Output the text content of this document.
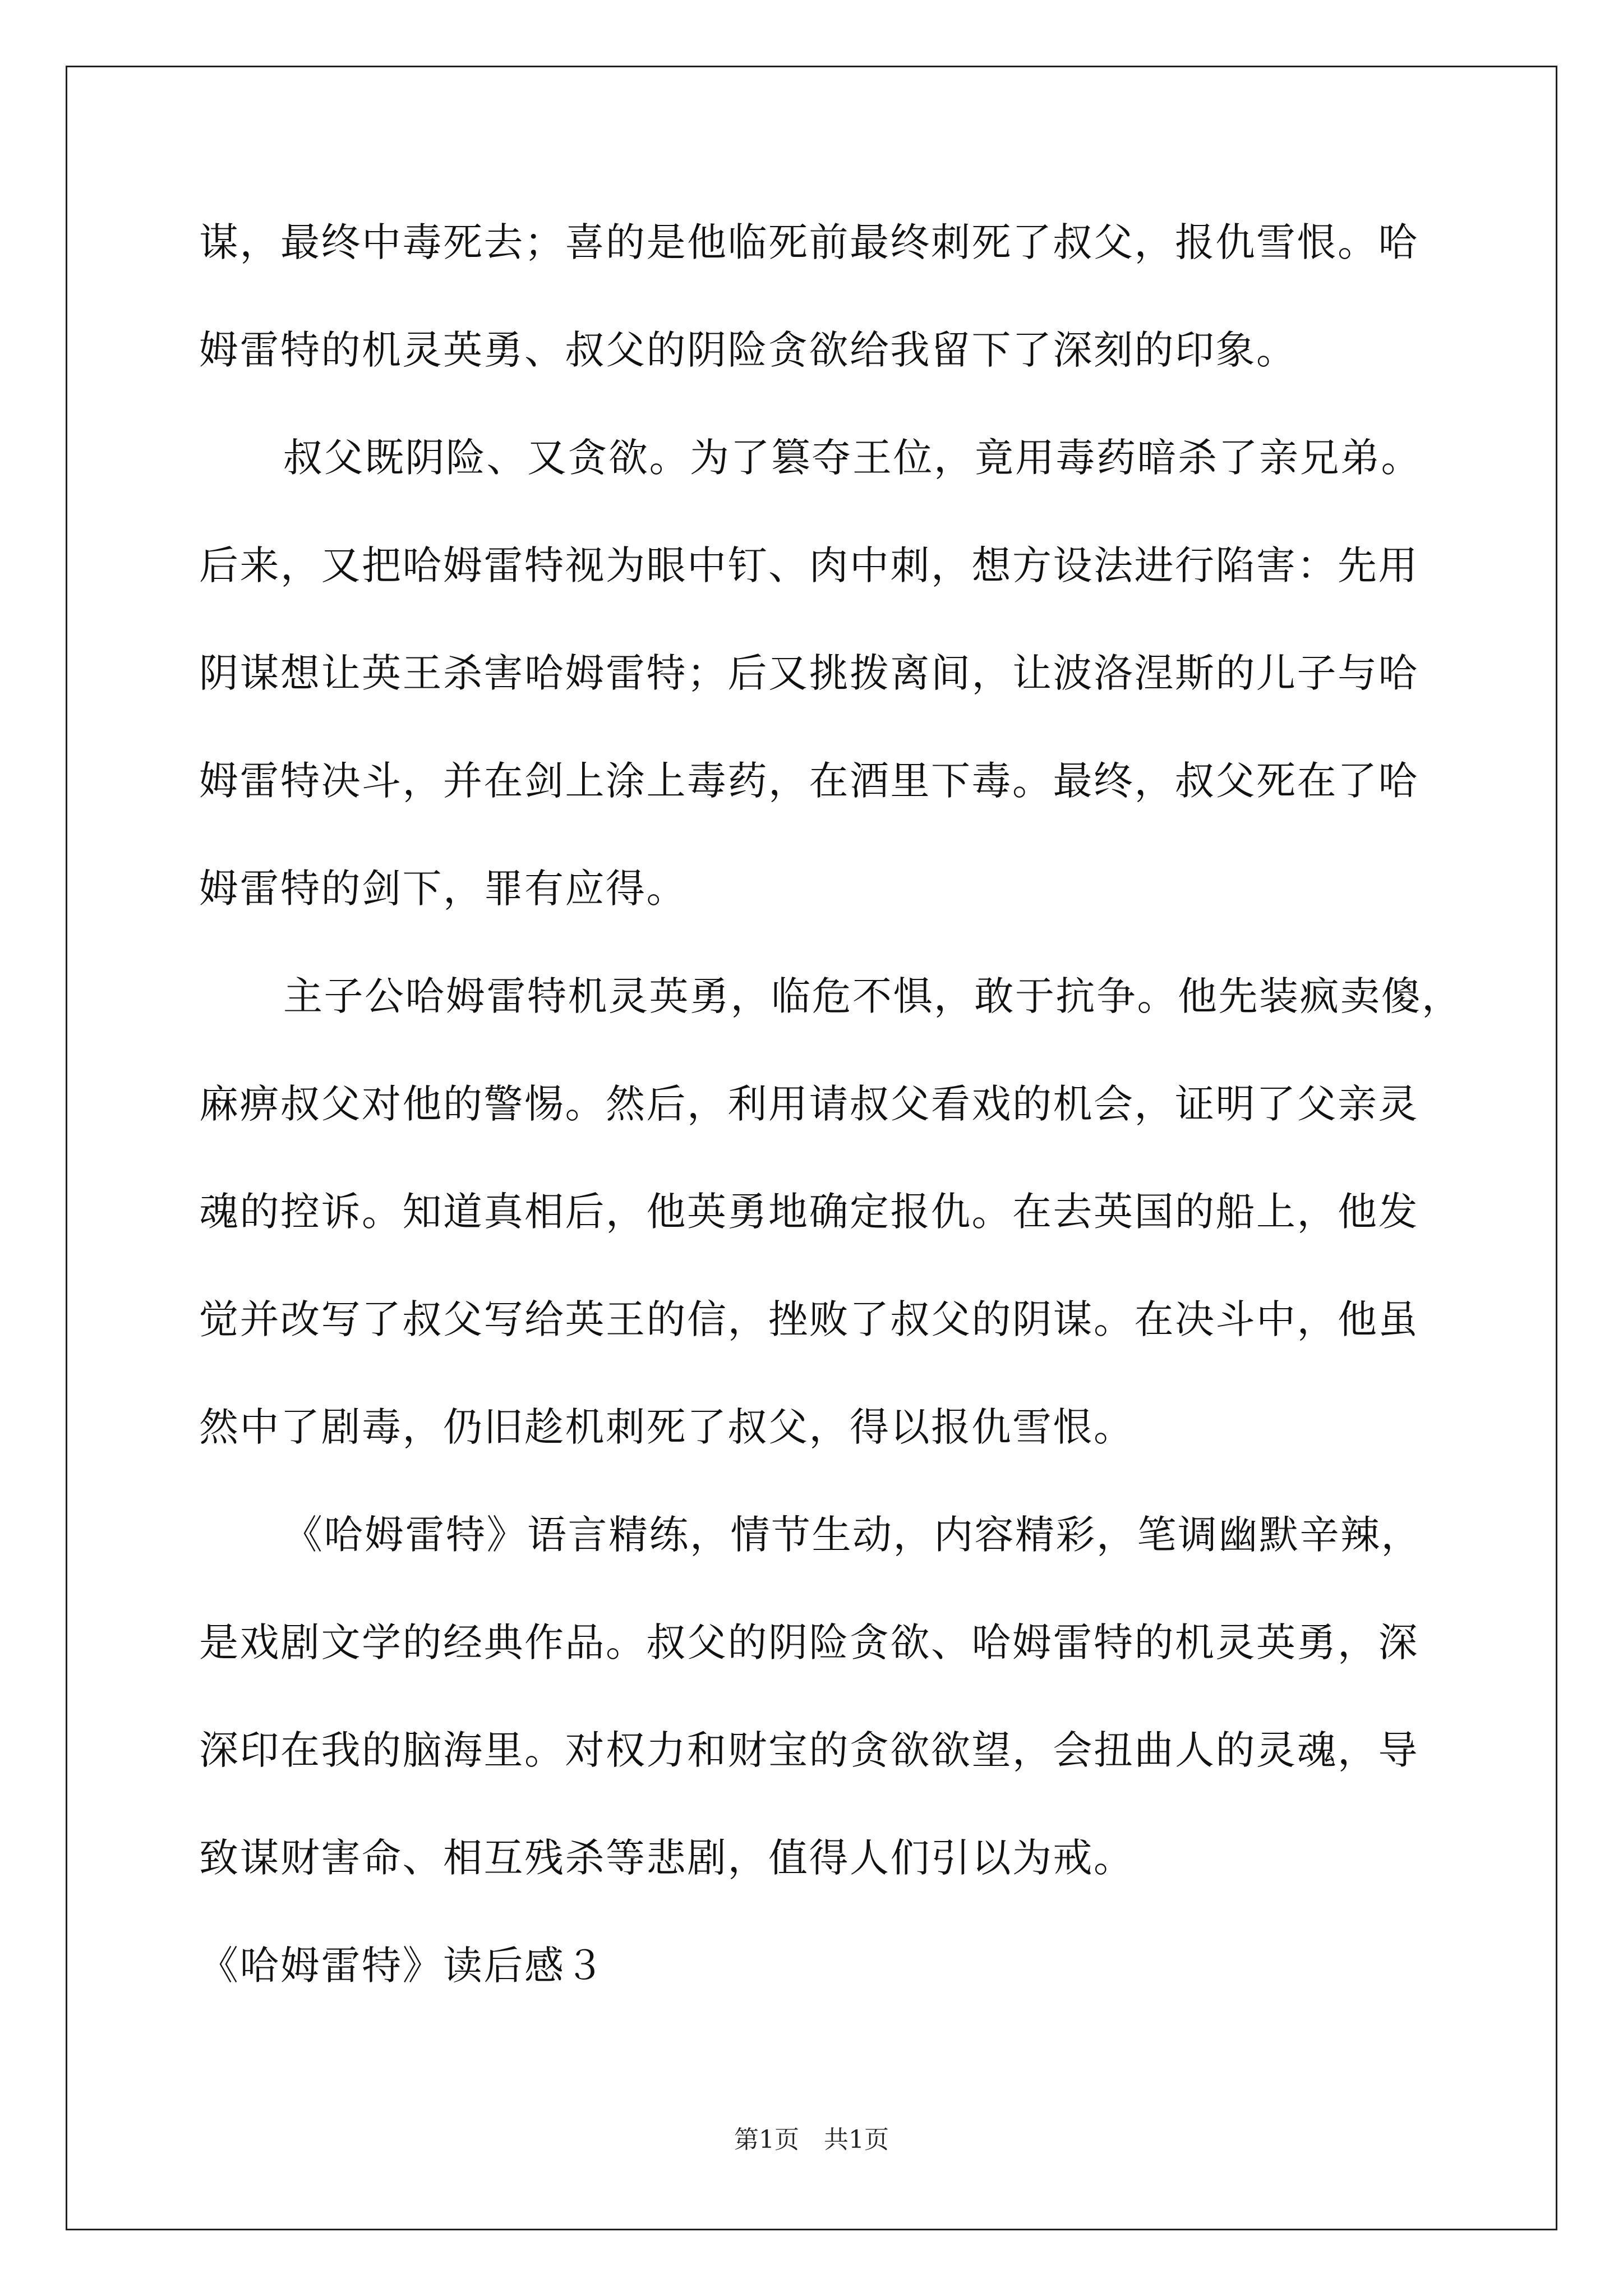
谋，最终中毒死去；喜的是他临死前最终刺死了叔父，报仇雪恨。哈
姆雷特的机灵英勇、叔父的阴险贪欲给我留下了深刻的印象。
叔父既阴险、又贪欲。为了篡夺王位，竟用毒药暗杀了亲兄弟。
后来，又把哈姆雷特视为眼中钉、肉中刺，想方设法进行陷害：先用
阴谋想让英王杀害哈姆雷特；后又挑拨离间，让波洛涅斯的儿子与哈
姆雷特决斗，并在剑上涂上毒药，在酒里下毒。最终，叔父死在了哈
姆雷特的剑下，罪有应得。
主子公哈姆雷特机灵英勇，临危不惧，敢于抗争。他先装疯卖傻，
麻痹叔父对他的警惕。然后，利用请叔父看戏的机会，证明了父亲灵
魂的控诉。知道真相后，他英勇地确定报仇。在去英国的船上，他发
觉并改写了叔父写给英王的信，挫败了叔父的阴谋。在决斗中，他虽
然中了剧毒，仍旧趁机刺死了叔父，得以报仇雪恨。
《哈姆雷特》语言精练，情节生动，内容精彩，笔调幽默辛辣，
是戏剧文学的经典作品。叔父的阴险贪欲、哈姆雷特的机灵英勇，深
深印在我的脑海里。对权力和财宝的贪欲欲望，会扭曲人的灵魂，导
致谋财害命、相互残杀等悲剧，值得人们引以为戒。
《哈姆雷特》读后感３
第1页　共1页
